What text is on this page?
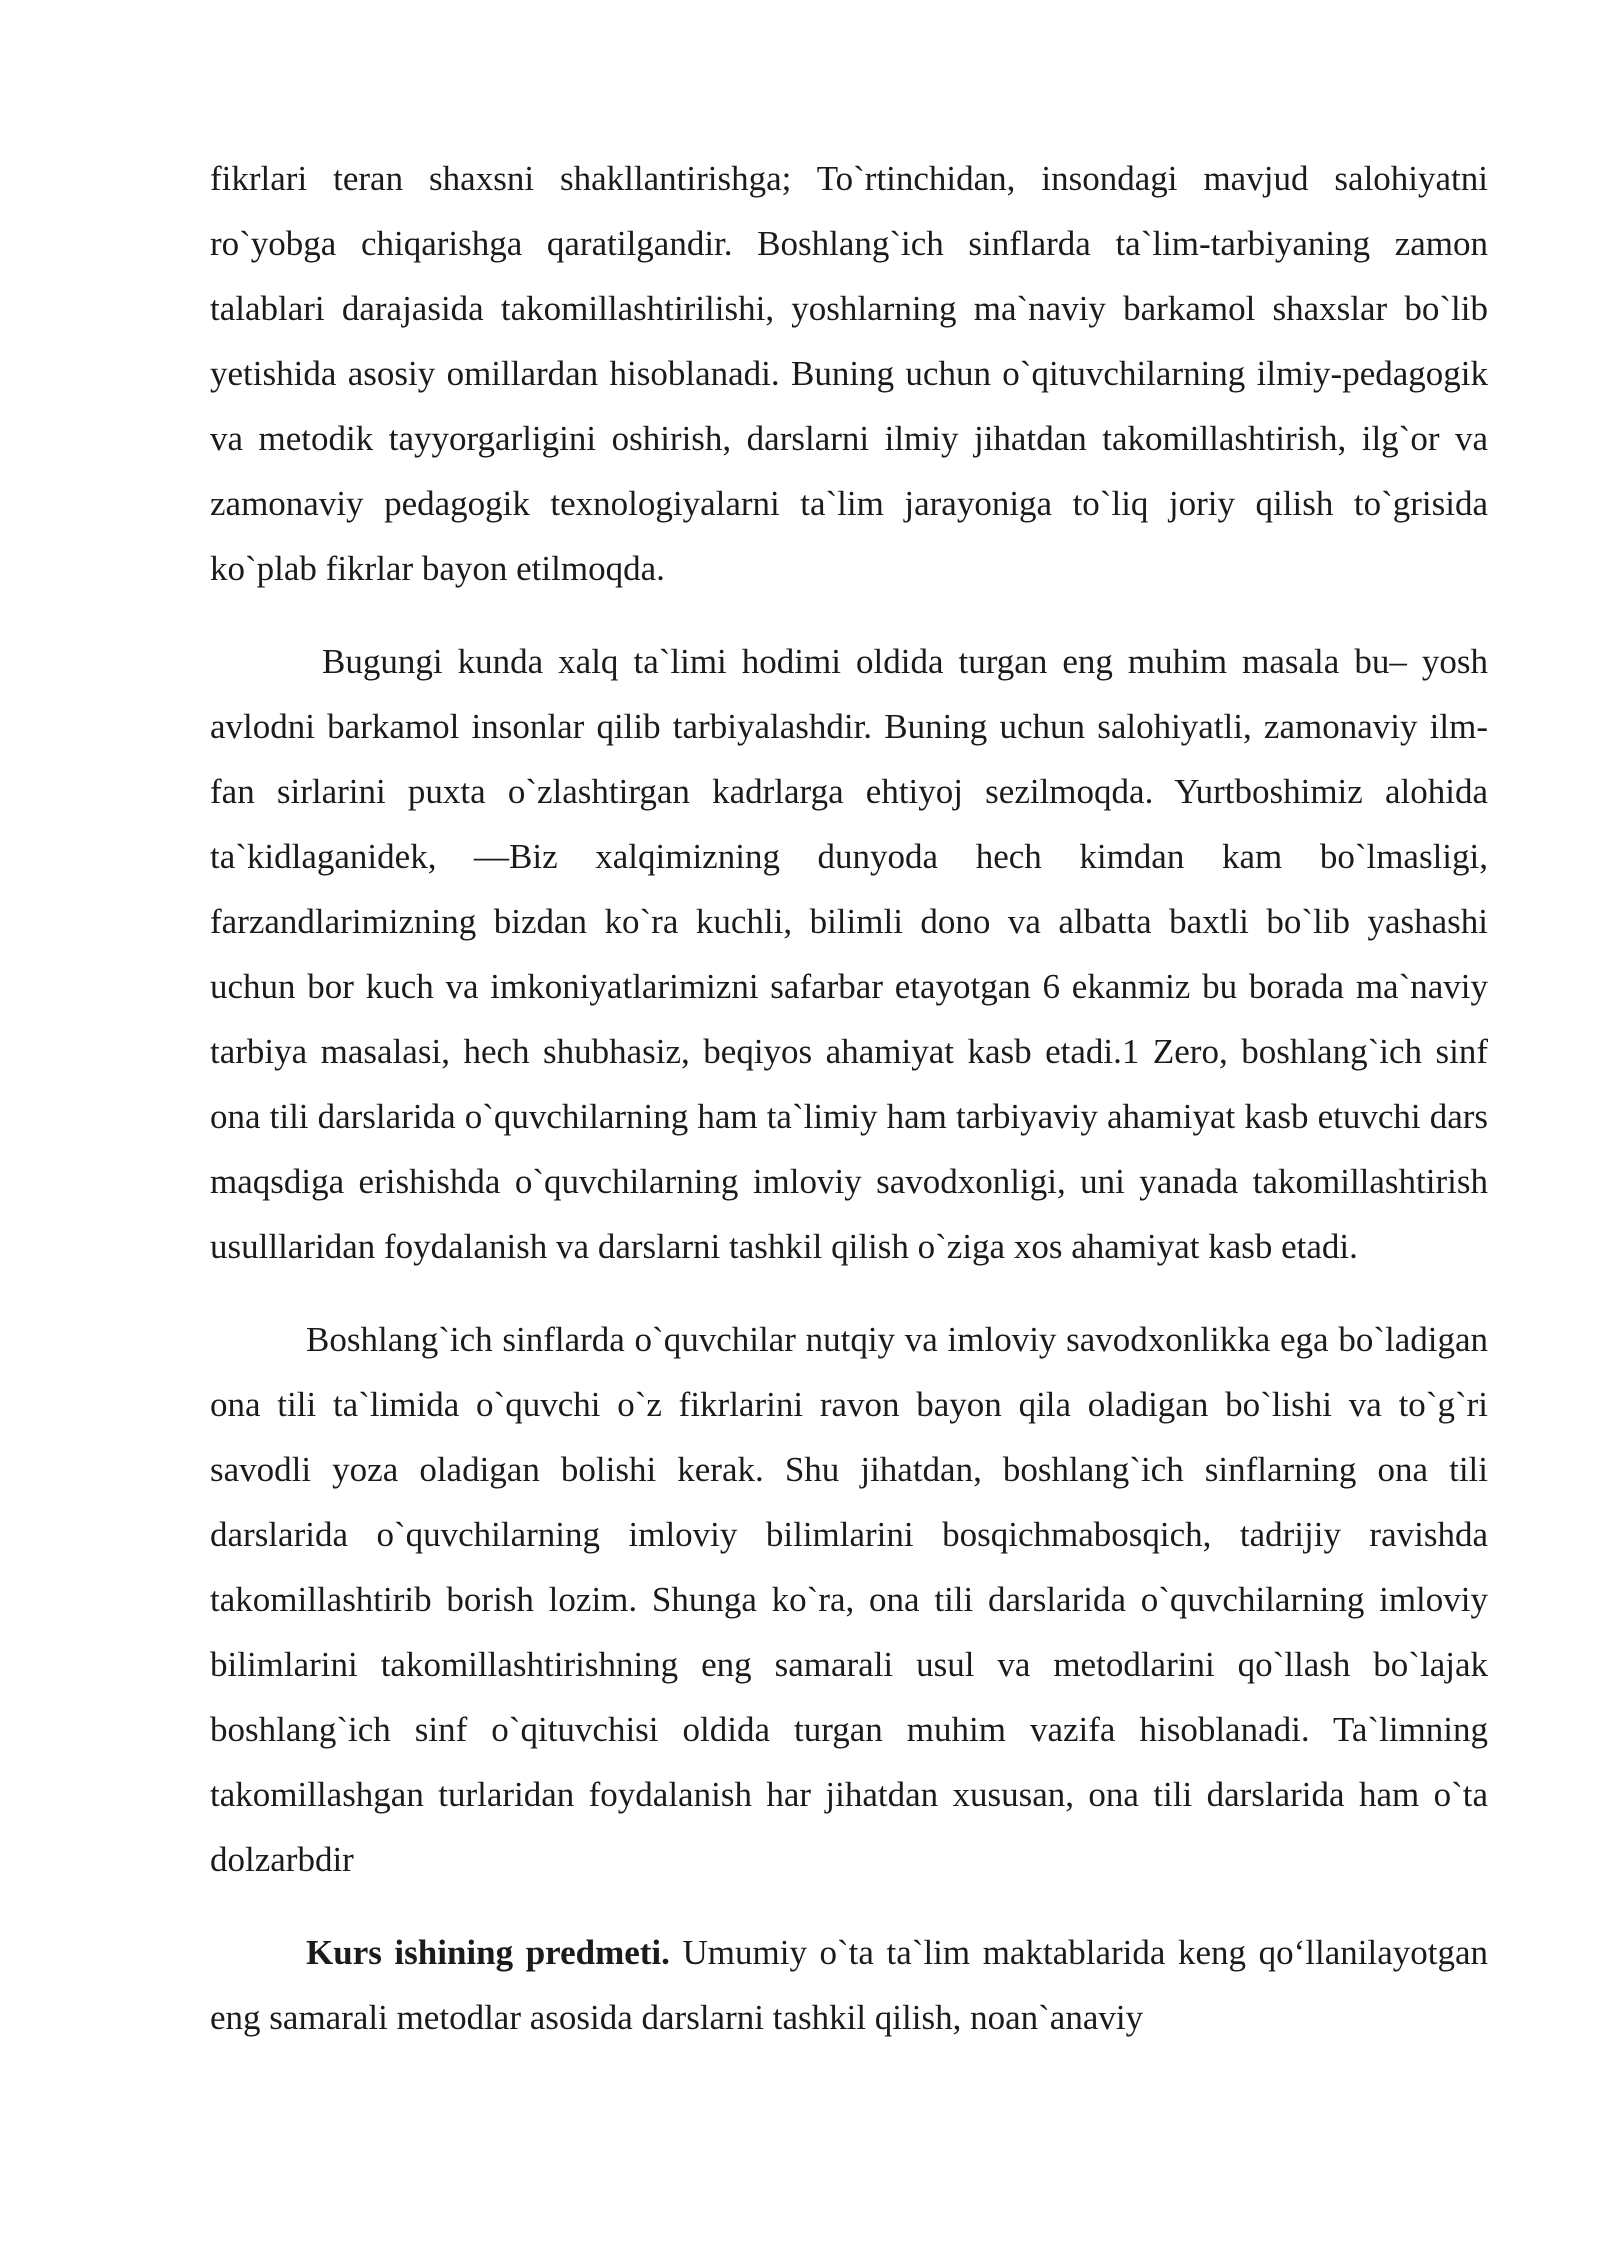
fikrlari teran shaxsni shakllantirishga; To`rtinchidan, insondagi mavjud salohiyatni ro`yobga chiqarishga qaratilgandir. Boshlang`ich sinflarda ta`lim-tarbiyaning zamon talablari darajasida takomillashtirilishi, yoshlarning ma`naviy barkamol shaxslar bo`lib yetishida asosiy omillardan hisoblanadi. Buning uchun o`qituvchilarning ilmiy-pedagogik va metodik tayyorgarligini oshirish, darslarni ilmiy jihatdan takomillashtirish, ilg`or va zamonaviy pedagogik texnologiyalarni ta`lim jarayoniga to`liq joriy qilish to`grisida ko`plab fikrlar bayon etilmoqda.

Bugungi kunda xalq ta`limi hodimi oldida turgan eng muhim masala bu– yosh avlodni barkamol insonlar qilib tarbiyalashdir. Buning uchun salohiyatli, zamonaviy ilm-fan sirlarini puxta o`zlashtirgan kadrlarga ehtiyoj sezilmoqda. Yurtboshimiz alohida ta`kidlaganidek, ―Biz xalqimizning dunyoda hech kimdan kam bo`lmasligi, farzandlarimizning bizdan ko`ra kuchli, bilimli dono va albatta baxtli bo`lib yashashi uchun bor kuch va imkoniyatlarimizni safarbar etayotgan 6 ekanmiz bu borada ma`naviy tarbiya masalasi, hech shubhasiz, beqiyos ahamiyat kasb etadi.1 Zero, boshlang`ich sinf ona tili darslarida o`quvchilarning ham ta`limiy ham tarbiyaviy ahamiyat kasb etuvchi dars maqsdiga erishishda o`quvchilarning imloviy savodxonligi, uni yanada takomillashtirish usulllaridan foydalanish va darslarni tashkil qilish o`ziga xos ahamiyat kasb etadi.

Boshlang`ich sinflarda o`quvchilar nutqiy va imloviy savodxonlikka ega bo`ladigan ona tili ta`limida o`quvchi o`z fikrlarini ravon bayon qila oladigan bo`lishi va to`g`ri savodli yoza oladigan bolishi kerak. Shu jihatdan, boshlang`ich sinflarning ona tili darslarida o`quvchilarning imloviy bilimlarini bosqichmabosqich, tadrijiy ravishda takomillashtirib borish lozim. Shunga ko`ra, ona tili darslarida o`quvchilarning imloviy bilimlarini takomillashtirishning eng samarali usul va metodlarini qo`llash bo`lajak boshlang`ich sinf o`qituvchisi oldida turgan muhim vazifa hisoblanadi. Ta`limning takomillashgan turlaridan foydalanish har jihatdan xususan, ona tili darslarida ham o`ta dolzarbdir

Kurs ishining predmeti. Umumiy o`ta ta`lim maktablarida keng qo‘llanilayotgan eng samarali metodlar asosida darslarni tashkil qilish, noan`anaviy
